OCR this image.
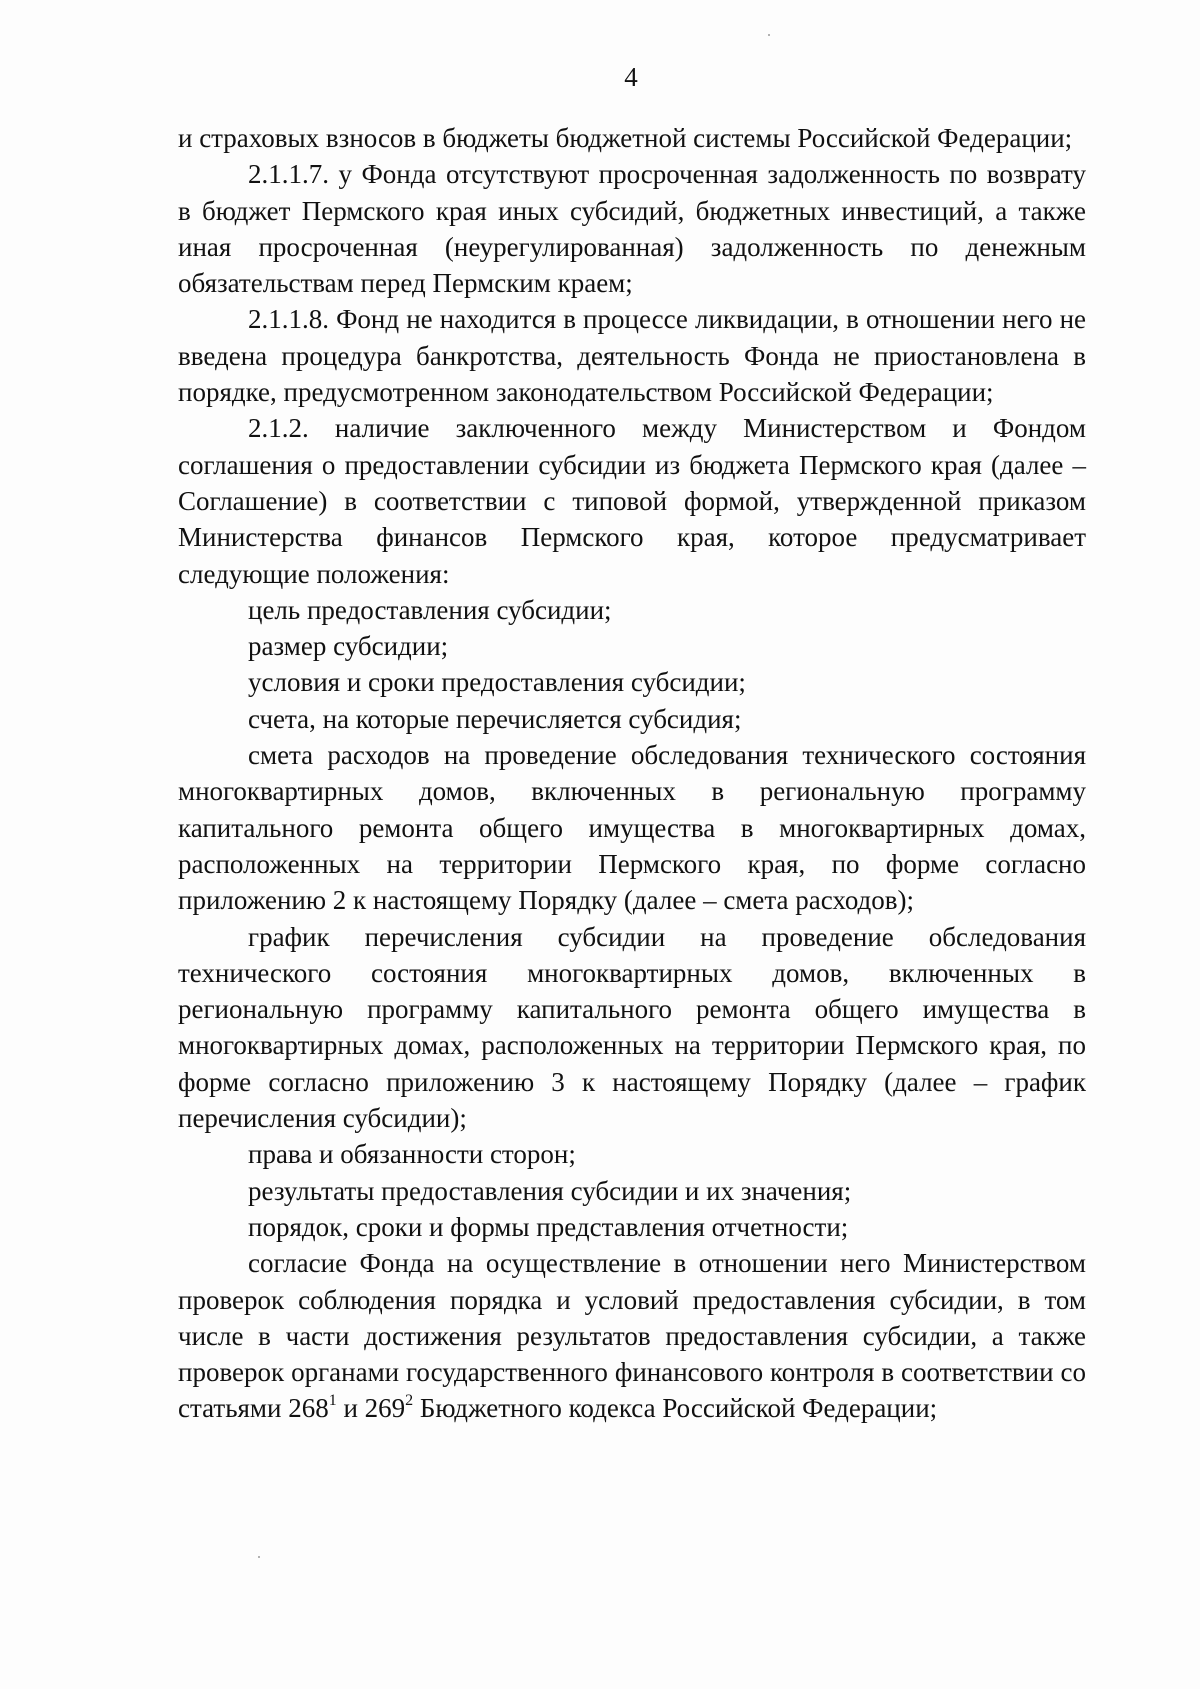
4

и страховых взносов в бюджеты бюджетной системы Российской Федерации;

2.1.1.7. у Фонда отсутствуют просроченная задолженность по возврату в бюджет Пермского края иных субсидий, бюджетных инвестиций, а также иная просроченная (неурегулированная) задолженность по денежным обязательствам перед Пермским краем;

2.1.1.8. Фонд не находится в процессе ликвидации, в отношении него не введена процедура банкротства, деятельность Фонда не приостановлена в порядке, предусмотренном законодательством Российской Федерации;

2.1.2. наличие заключенного между Министерством и Фондом соглашения о предоставлении субсидии из бюджета Пермского края (далее – Соглашение) в соответствии с типовой формой, утвержденной приказом Министерства финансов Пермского края, которое предусматривает следующие положения:

цель предоставления субсидии;

размер субсидии;

условия и сроки предоставления субсидии;

счета, на которые перечисляется субсидия;

смета расходов на проведение обследования технического состояния многоквартирных домов, включенных в региональную программу капитального ремонта общего имущества в многоквартирных домах, расположенных на территории Пермского края, по форме согласно приложению 2 к настоящему Порядку (далее – смета расходов);

график перечисления субсидии на проведение обследования технического состояния многоквартирных домов, включенных в региональную программу капитального ремонта общего имущества в многоквартирных домах, расположенных на территории Пермского края, по форме согласно приложению 3 к настоящему Порядку (далее – график перечисления субсидии);

права и обязанности сторон;

результаты предоставления субсидии и их значения;

порядок, сроки и формы представления отчетности;

согласие Фонда на осуществление в отношении него Министерством проверок соблюдения порядка и условий предоставления субсидии, в том числе в части достижения результатов предоставления субсидии, а также проверок органами государственного финансового контроля в соответствии со статьями $268^1$ и $269^2$ Бюджетного кодекса Российской Федерации;
